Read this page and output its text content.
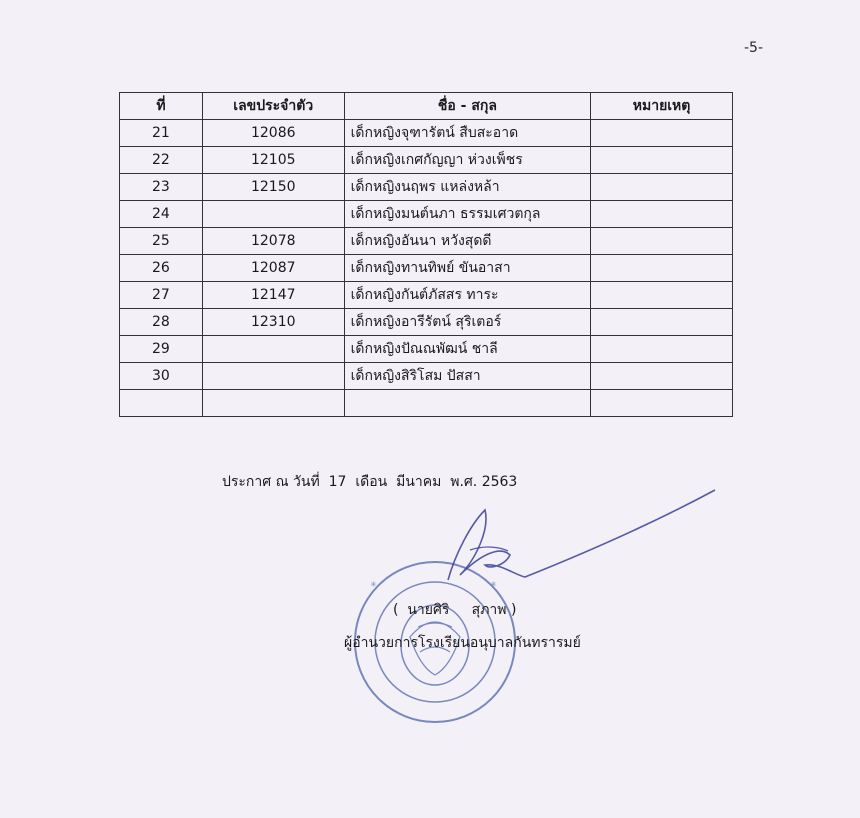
-5-
ที่	เลขประจำตัว	ชื่อ - สกุล	หมายเหตุ
21	12086	เด็กหญิงจุฑารัตน์ สืบสะอาด	
22	12105	เด็กหญิงเกศกัญญา ห่วงเพ็ชร	
23	12150	เด็กหญิงนฤพร แหล่งหล้า	
24		เด็กหญิงมนต์นภา ธรรมเศวตกุล	
25	12078	เด็กหญิงอันนา หวังสุดดี	
26	12087	เด็กหญิงทานทิพย์ ขันอาสา	
27	12147	เด็กหญิงกันต์ภัสสร ทาระ	
28	12310	เด็กหญิงอารีรัตน์ สุริเตอร์	
29		เด็กหญิงปัณณพัฒน์ ชาลี	
30		เด็กหญิงสิริโสม ปัสสา	

ประกาศ ณ วันที่  17  เดือน  มีนาคม  พ.ศ. 2563
✳	✳
(  นายศิริ     สุภาพ )
ผู้อำนวยการโรงเรียนอนุบาลกันทรารมย์
